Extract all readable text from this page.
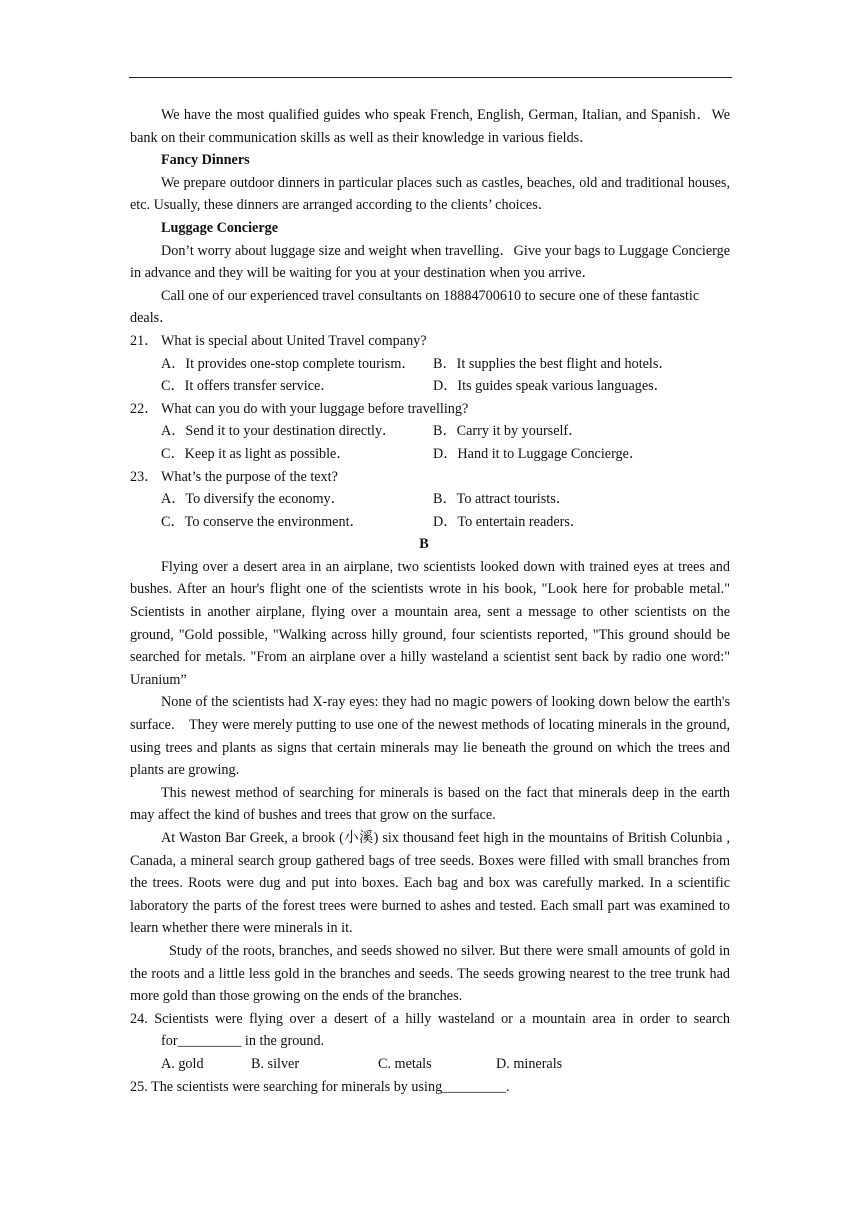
We have the most qualified guides who speak French, English, German, Italian, and Spanish．We bank on their communication skills as well as their knowledge in various fields．

Fancy Dinners

We prepare outdoor dinners in particular places such as castles, beaches, old and traditional houses, etc. Usually, these dinners are arranged according to the clients’ choices．

Luggage Concierge

Don’t worry about luggage size and weight when travelling．Give your bags to Luggage Concierge in advance and they will be waiting for you at your destination when you arrive．

Call one of our experienced travel consultants on 18884700610 to secure one of these fantastic deals．

21． What is special about United Travel company?

A．It provides one-stop complete tourism． B．It supplies the best flight and hotels．
C．It offers transfer service．	D．Its guides speak various languages．

22． What can you do with your luggage before travelling?

A．Send it to your destination directly．	B．Carry it by yourself．
C．Keep it as light as possible．	D．Hand it to Luggage Concierge．

23． What’s the purpose of the text?

A．To diversify the economy．	B．To attract tourists．
C．To conserve the environment．	D．To entertain readers．

B

Flying over a desert area in an airplane, two scientists looked down with trained eyes at trees and bushes. After an hour's flight one of the scientists wrote in his book, "Look here for probable metal." Scientists in another airplane, flying over a mountain area, sent a message to other scientists on the ground, "Gold possible, "Walking across hilly ground, four scientists reported, "This ground should be searched for metals. "From an airplane over a hilly wasteland a scientist sent back by radio one word:" Uranium”

None of the scientists had X-ray eyes: they had no magic powers of looking down below the earth's surface.　They were merely putting to use one of the newest methods of locating minerals in the ground, using trees and plants as signs that certain minerals may lie beneath the ground on which the trees and plants are growing.

This newest method of searching for minerals is based on the fact that minerals deep in the earth may affect the kind of bushes and trees that grow on the surface.

At Waston Bar Greek, a brook (小溪) six thousand feet high in the mountains of British Colunbia , Canada, a mineral search group gathered bags of tree seeds. Boxes were filled with small branches from the trees. Roots were dug and put into boxes. Each bag and box was carefully marked. In a scientific laboratory the parts of the forest trees were burned to ashes and tested. Each small part was examined to learn whether there were minerals in it.

Study of the roots, branches, and seeds showed no silver. But there were small amounts of gold in the roots and a little less gold in the branches and seeds. The seeds growing nearest to the tree trunk had more gold than those growing on the ends of the branches.

24. Scientists were flying over a desert of a hilly wasteland or a mountain area in order to search for_________ in the ground.

A. gold	B. silver	C. metals	D. minerals

25. The scientists were searching for minerals by using_________.
